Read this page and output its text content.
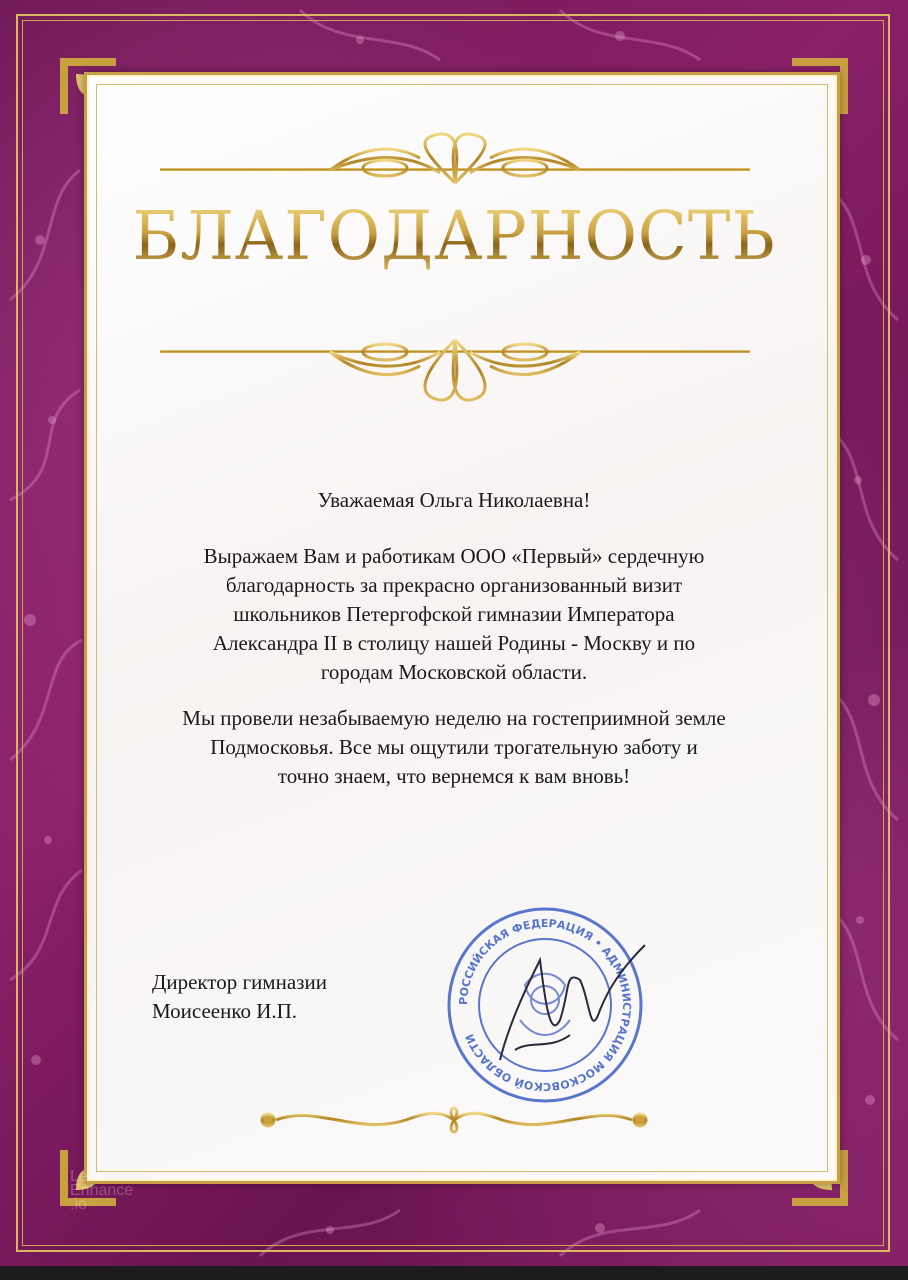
БЛАГОДАРНОСТЬ
Уважаемая Ольга Николаевна!
Выражаем Вам и работикам ООО «Первый» сердечную
благодарность за прекрасно организованный визит
школьников Петергофской гимназии Императора
Александра II в столицу нашей Родины - Москву и по
городам Московской области.
Мы провели незабываемую неделю на гостеприимной земле
Подмосковья. Все мы ощутили трогательную заботу и
точно знаем, что вернемся к вам вновь!
Директор гимназии
Моисеенко И.П.	РОССИЙСКАЯ ФЕДЕРАЦИЯ • АДМИНИСТРАЦИЯ МОСКОВСКОЙ ОБЛАСТИ
Let's
Enhance
.io
